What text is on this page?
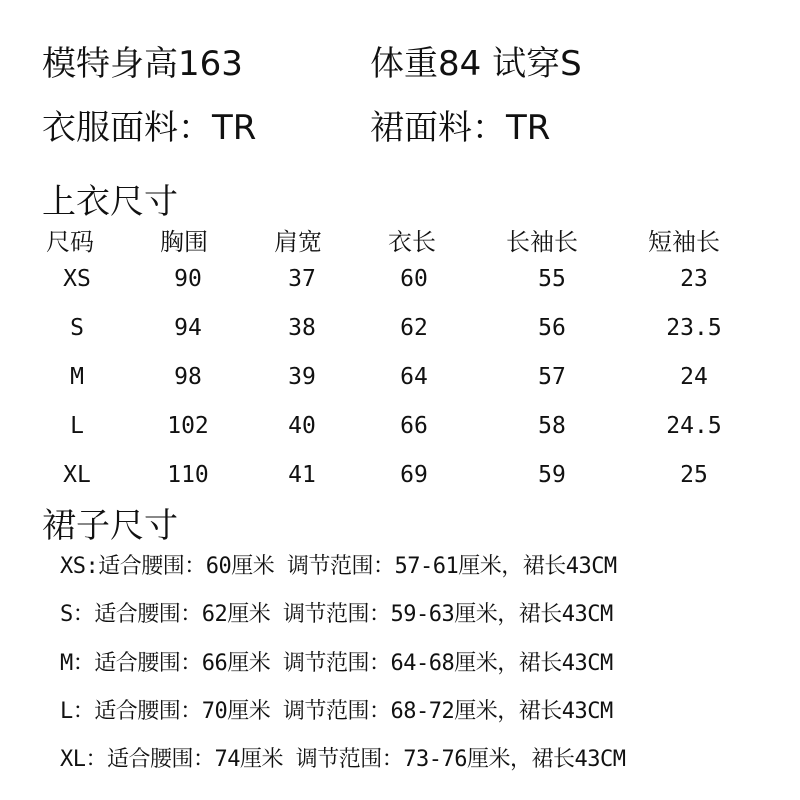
模特身高163	体重84 试穿S
衣服面料：TR	裙面料：TR
上衣尺寸
尺码	胸围	肩宽	衣长	长袖长	短袖长
XS	90	37	60	55	23
S	94	38	62	56	23.5
M	98	39	64	57	24
L	102	40	66	58	24.5
XL	110	41	69	59	25
裙子尺寸
XS:适合腰围：60厘米 调节范围：57-61厘米，裙长43CM
S：适合腰围：62厘米 调节范围：59-63厘米，裙长43CM
M：适合腰围：66厘米 调节范围：64-68厘米，裙长43CM
L：适合腰围：70厘米 调节范围：68-72厘米，裙长43CM
XL：适合腰围：74厘米 调节范围：73-76厘米，裙长43CM
